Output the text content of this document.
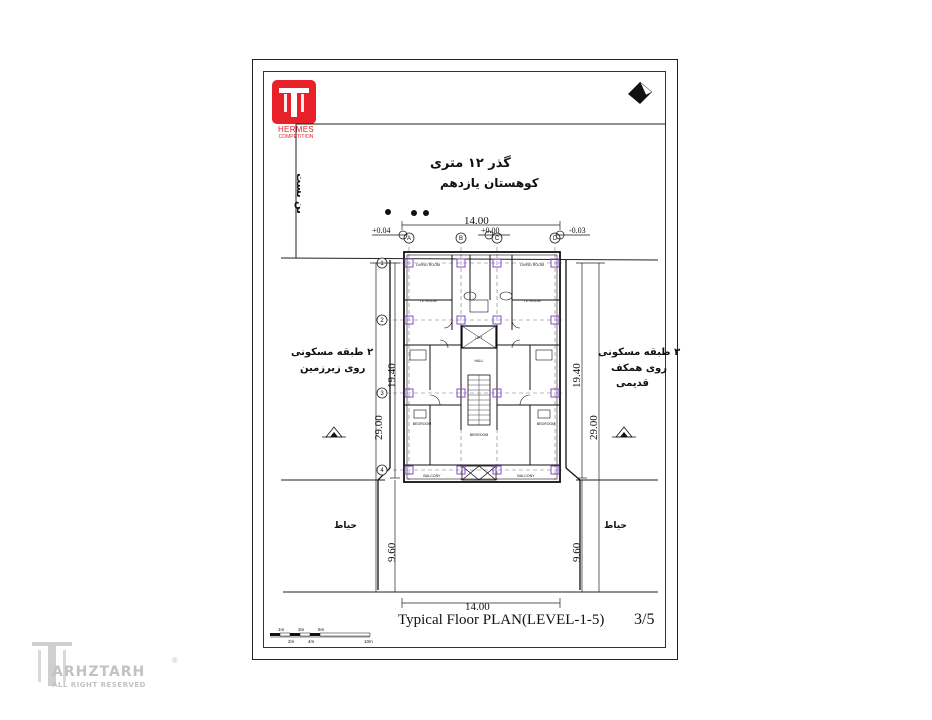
HERMES
COMPETITION
1
2
3
4
A	B	C	D
LIVING ROOM	LIVING ROOM
LIFT
HALL
TV. ROOM	TV. ROOM
BEDROOM
BEDROOM
BEDROOM
BALCONY	BALCONY
+0.04	+0.00	-0.03
14.00
14.00
29.00
19.40
9.60
19.40
29.00
9.60
1m
2m
3m
4m
5m
10m
گذر ۱۲ متری
کوهستان یازدهم
بن بست
۲ طبقه مسکونی
روی زیرزمین
۳ طبقه مسکونی
روی همکف
قدیمی
حیاط	حیاط
Typical Floor PLAN(LEVEL-1-5) 3/5
ARHZTARH
ALL RIGHT RESERVED
®
